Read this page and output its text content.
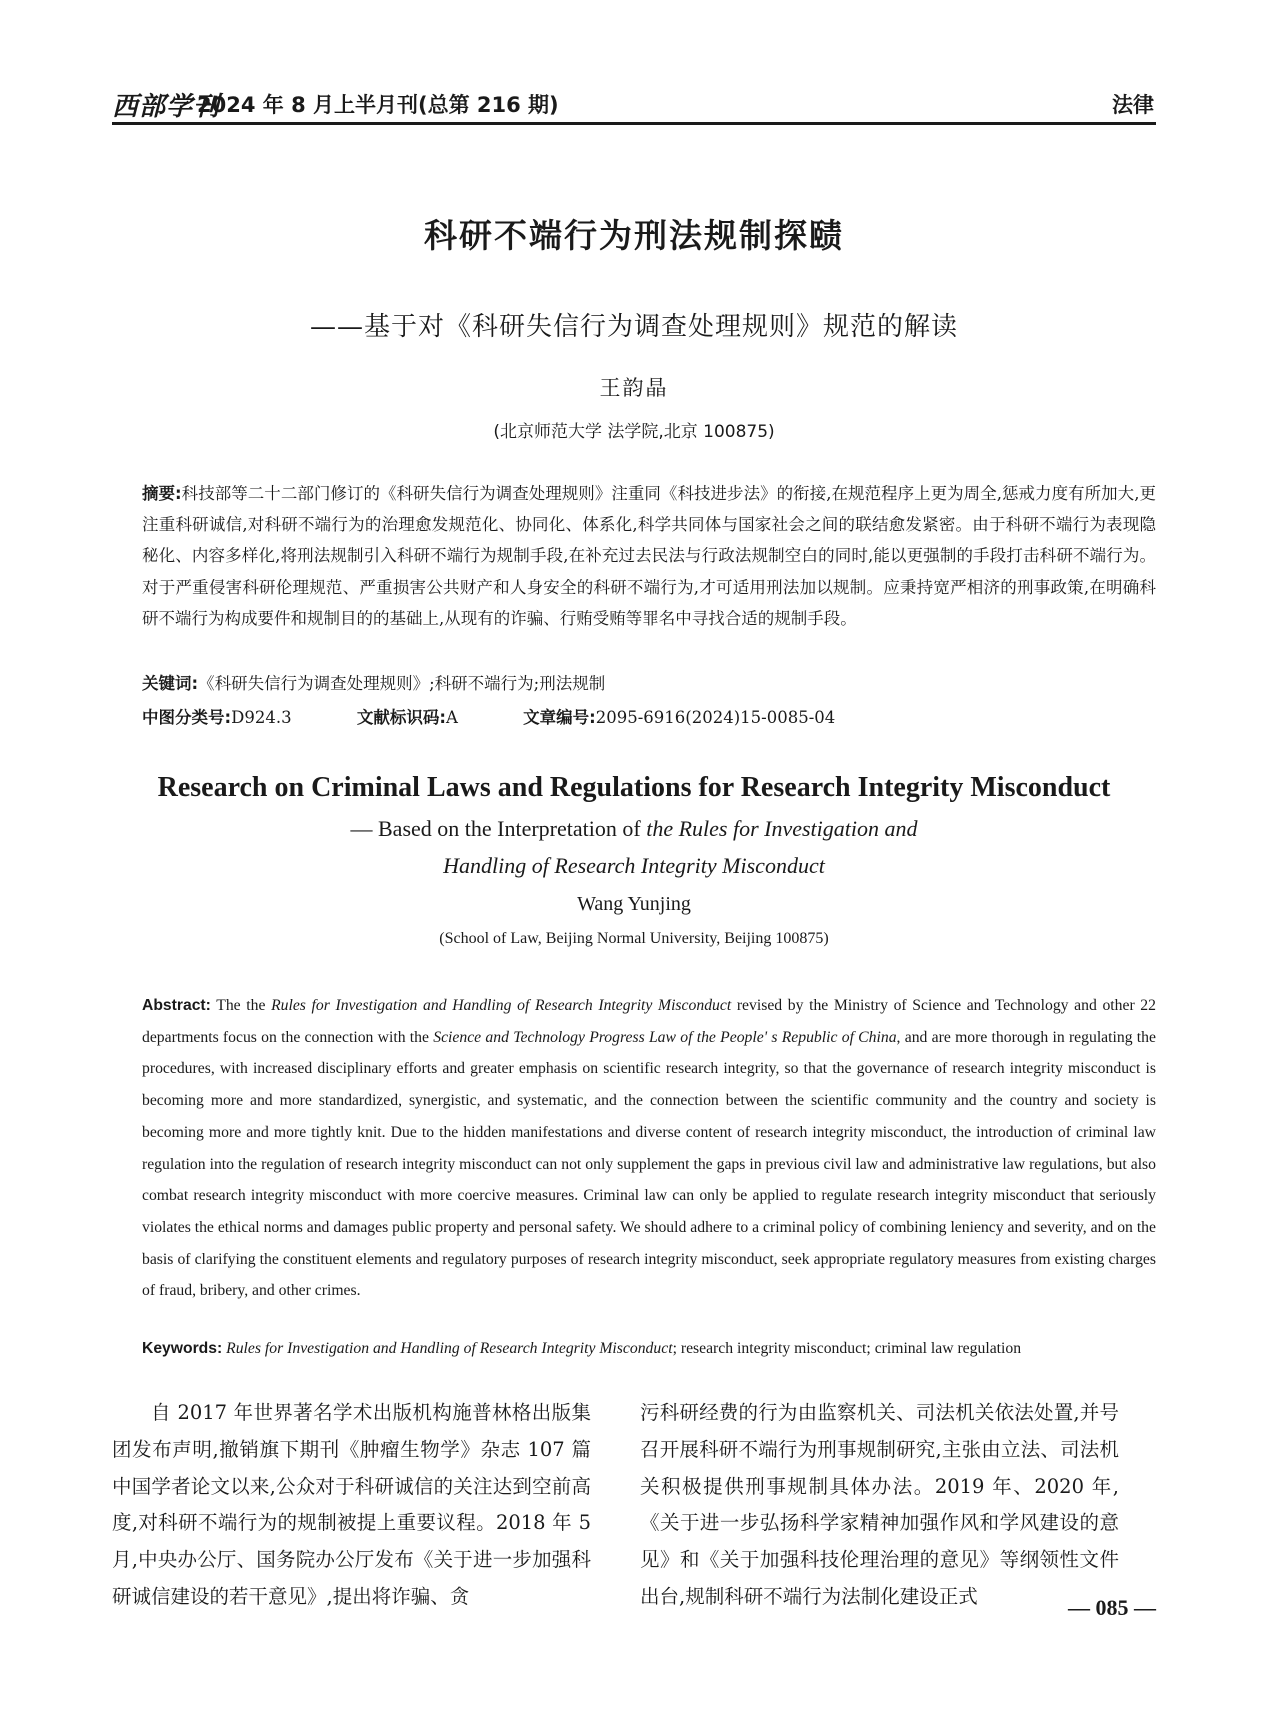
西部学刊
2024 年 8 月上半月刊(总第 216 期)	法律
科研不端行为刑法规制探赜
——基于对《科研失信行为调查处理规则》规范的解读
王韵晶
(北京师范大学 法学院,北京 100875)
摘要:科技部等二十二部门修订的《科研失信行为调查处理规则》注重同《科技进步法》的衔接,在规范程序上更为周全,惩戒力度有所加大,更注重科研诚信,对科研不端行为的治理愈发规范化、协同化、体系化,科学共同体与国家社会之间的联结愈发紧密。由于科研不端行为表现隐秘化、内容多样化,将刑法规制引入科研不端行为规制手段,在补充过去民法与行政法规制空白的同时,能以更强制的手段打击科研不端行为。对于严重侵害科研伦理规范、严重损害公共财产和人身安全的科研不端行为,才可适用刑法加以规制。应秉持宽严相济的刑事政策,在明确科研不端行为构成要件和规制目的的基础上,从现有的诈骗、行贿受贿等罪名中寻找合适的规制手段。
关键词:《科研失信行为调查处理规则》;科研不端行为;刑法规制
中图分类号:D924.3	文献标识码:A	文章编号:2095-6916(2024)15-0085-04
Research on Criminal Laws and Regulations for Research Integrity Misconduct
— Based on the Interpretation of the Rules for Investigation and
Handling of Research Integrity Misconduct
Wang Yunjing
(School of Law, Beijing Normal University, Beijing 100875)
Abstract: The the Rules for Investigation and Handling of Research Integrity Misconduct revised by the Ministry of Science and Technology and other 22 departments focus on the connection with the Science and Technology Progress Law of the People' s Republic of China, and are more thorough in regulating the procedures, with increased disciplinary efforts and greater emphasis on scientific research integrity, so that the governance of research integrity misconduct is becoming more and more standardized, synergistic, and systematic, and the connection between the scientific community and the country and society is becoming more and more tightly knit. Due to the hidden manifestations and diverse content of research integrity misconduct, the introduction of criminal law regulation into the regulation of research integrity misconduct can not only supplement the gaps in previous civil law and administrative law regulations, but also combat research integrity misconduct with more coercive measures. Criminal law can only be applied to regulate research integrity misconduct that seriously violates the ethical norms and damages public property and personal safety. We should adhere to a criminal policy of combining leniency and severity, and on the basis of clarifying the constituent elements and regulatory purposes of research integrity misconduct, seek appropriate regulatory measures from existing charges of fraud, bribery, and other crimes.
Keywords: Rules for Investigation and Handling of Research Integrity Misconduct; research integrity misconduct; criminal law regulation
自 2017 年世界著名学术出版机构施普林格出版集团发布声明,撤销旗下期刊《肿瘤生物学》杂志 107 篇中国学者论文以来,公众对于科研诚信的关注达到空前高度,对科研不端行为的规制被提上重要议程。2018 年 5 月,中央办公厅、国务院办公厅发布《关于进一步加强科研诚信建设的若干意见》,提出将诈骗、贪
污科研经费的行为由监察机关、司法机关依法处置,并号召开展科研不端行为刑事规制研究,主张由立法、司法机关积极提供刑事规制具体办法。2019 年、2020 年,《关于进一步弘扬科学家精神加强作风和学风建设的意见》和《关于加强科技伦理治理的意见》等纲领性文件出台,规制科研不端行为法制化建设正式	— 085 —
